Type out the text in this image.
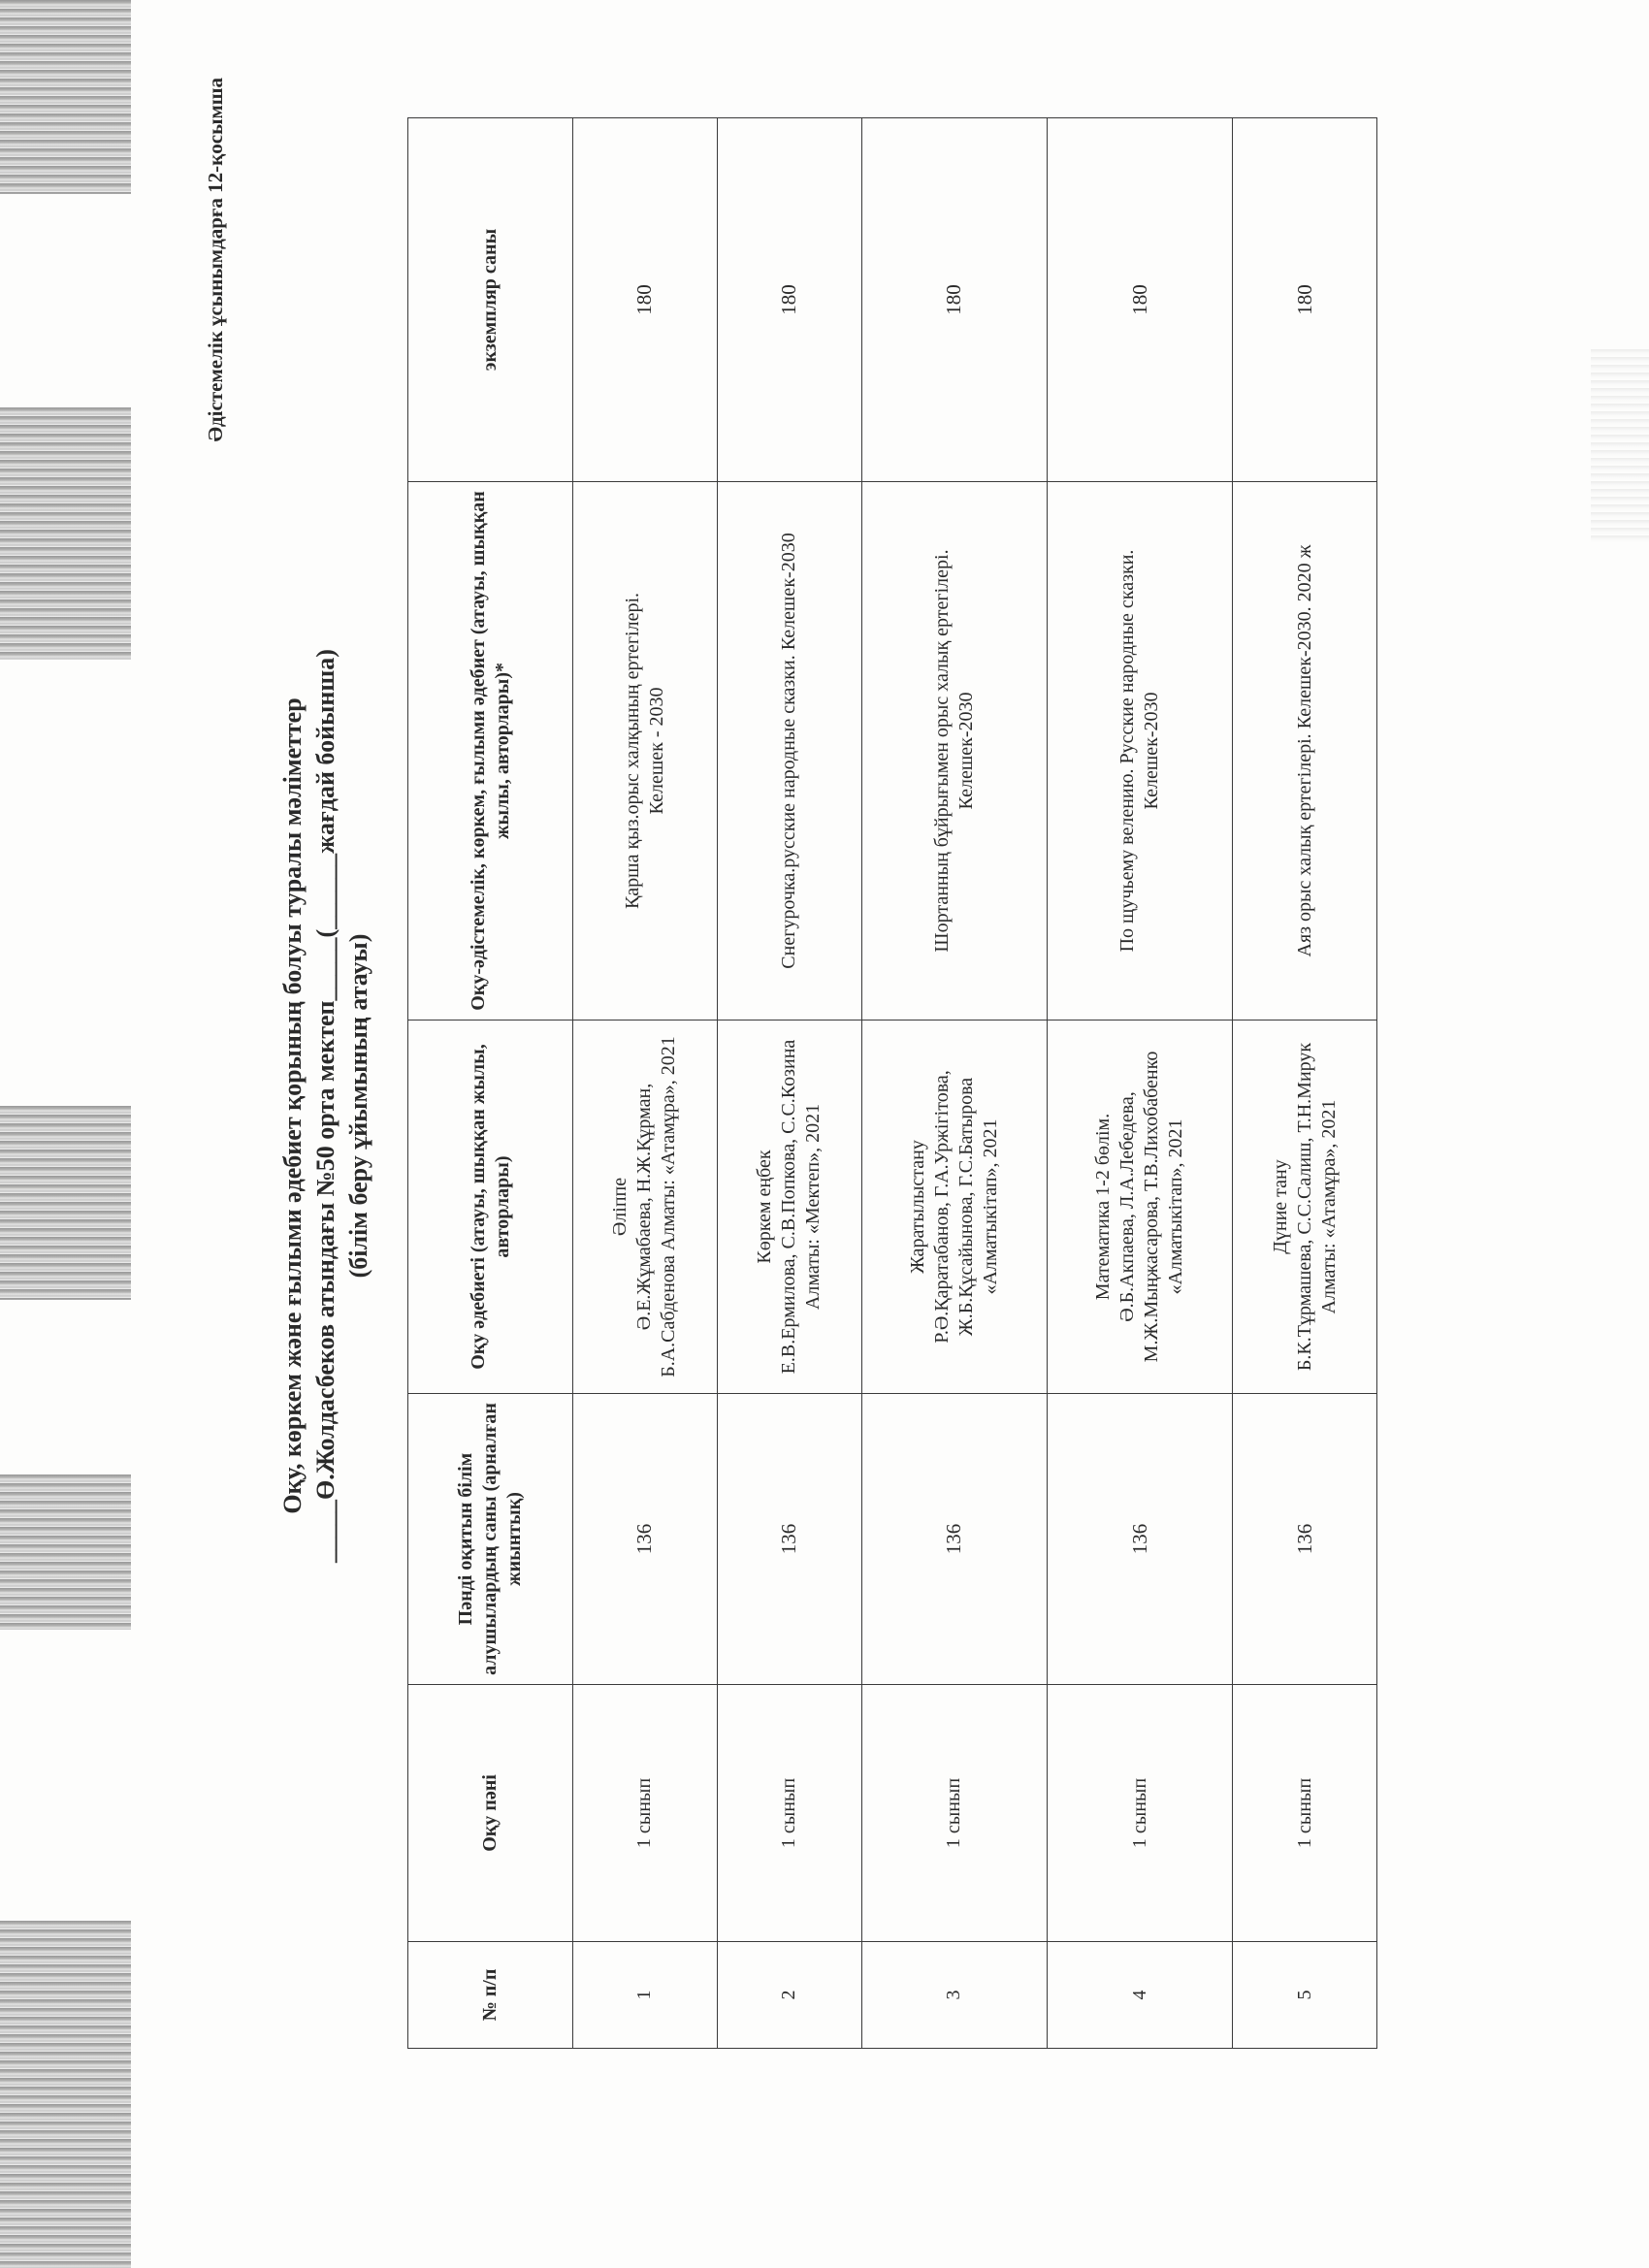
Әдістемелік ұсынымдарға 12-қосымша
Оқу, көркем және ғылыми әдебиет қорының болуы туралы мәліметтер _____Ө.Жолдасбеков атындағы №50 орта мектеп_____(______жағдай бойынша) (білім беру ұйымының атауы)
№ п/п	Оқу пәні	Пәнді оқитын білім алушылардың саны (арналған жиынтық)	Оқу әдебиеті (атауы, шыққан жылы, авторлары)	Оқу-әдістемелік, көркем, ғылыми әдебиет (атауы, шыққан жылы, авторлары)*	экземпляр саны
1	1 сынып	136	Әліппе Ә.Е.Жұмабаева, Н.Ж.Құрман, Б.А.Сабденова Алматы: «Атамұра», 2021	Қарша қыз.орыс халқының ертегілері. Келешек - 2030	180
2	1 сынып	136	Көркем еңбек Е.В.Ермилова, С.В.Попкова, С.С.Козина Алматы: «Мектеп», 2021	Снегурочка.русские народные сказки. Келешек-2030	180
3	1 сынып	136	Жаратылыстану Р.Ә.Қаратабанов, Г.А.Уржігітова, Ж.Б.Құсайынова, Г.С.Батырова «Алматыкітап», 2021	Шортанның бұйрығымен орыс халық ертегілері. Келешек-2030	180
4	1 сынып	136	Математика 1-2 бөлім. Ә.Б.Акпаева, Л.А.Лебедева, М.Ж.Мыңжасарова, Т.В.Лихобабенко «Алматыкітап», 2021	По щучьему велению. Русские народные сказки. Келешек-2030	180
5	1 сынып	136	Дүние тану Б.К.Тұрмашева, С.С.Салиш, Т.Н.Мирук Алматы: «Атамұра», 2021	Аяз орыс халық ертегілері. Келешек-2030. 2020 ж	180
